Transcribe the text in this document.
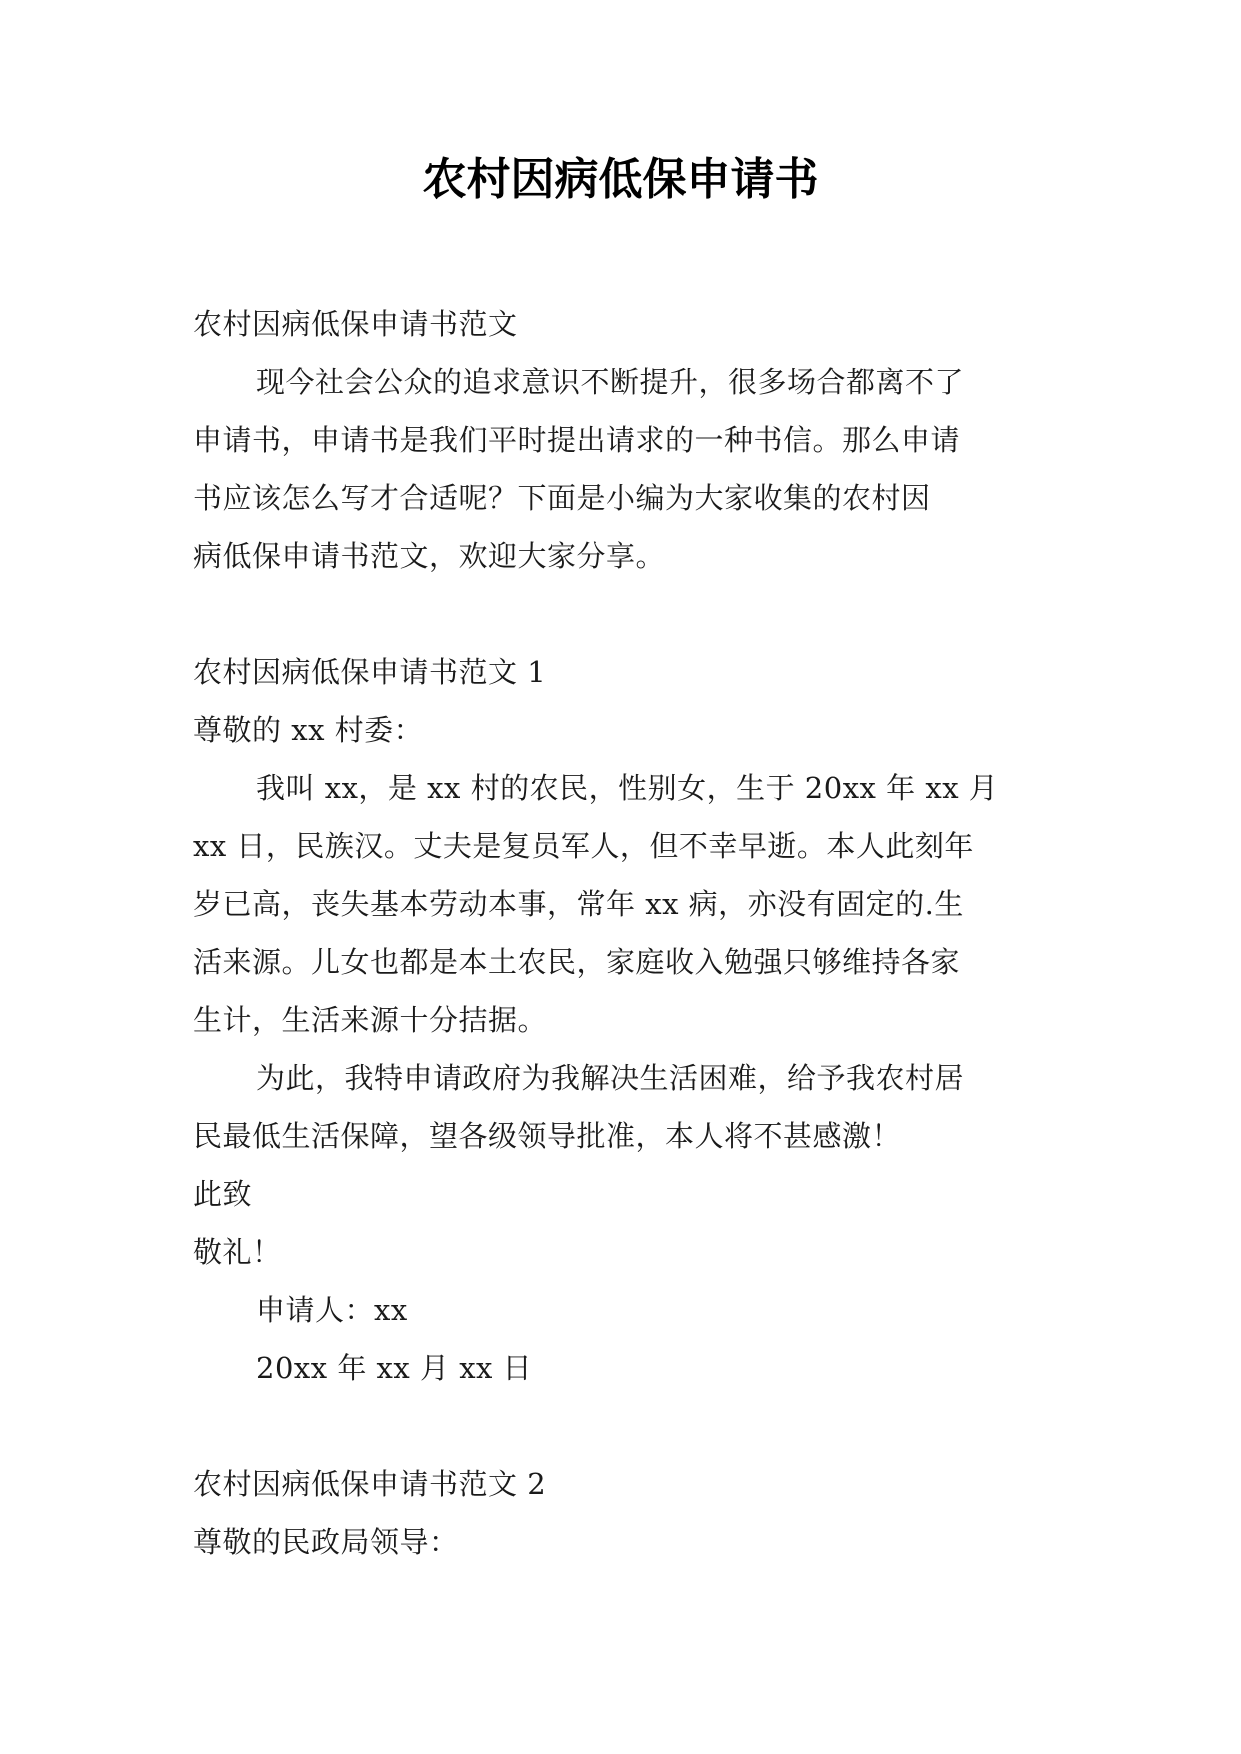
农村因病低保申请书
农村因病低保申请书范文
现今社会公众的追求意识不断提升，很多场合都离不了
申请书，申请书是我们平时提出请求的一种书信。那么申请
书应该怎么写才合适呢？下面是小编为大家收集的农村因
病低保申请书范文，欢迎大家分享。
农村因病低保申请书范文 1
尊敬的 xx 村委：
我叫 xx，是 xx 村的农民，性别女，生于 20xx 年 xx 月
xx 日，民族汉。丈夫是复员军人，但不幸早逝。本人此刻年
岁已高，丧失基本劳动本事，常年 xx 病，亦没有固定的.生
活来源。儿女也都是本土农民，家庭收入勉强只够维持各家
生计，生活来源十分拮据。
为此，我特申请政府为我解决生活困难，给予我农村居
民最低生活保障，望各级领导批准，本人将不甚感激！
此致
敬礼！
申请人：xx
20xx 年 xx 月 xx 日
农村因病低保申请书范文 2
尊敬的民政局领导：
